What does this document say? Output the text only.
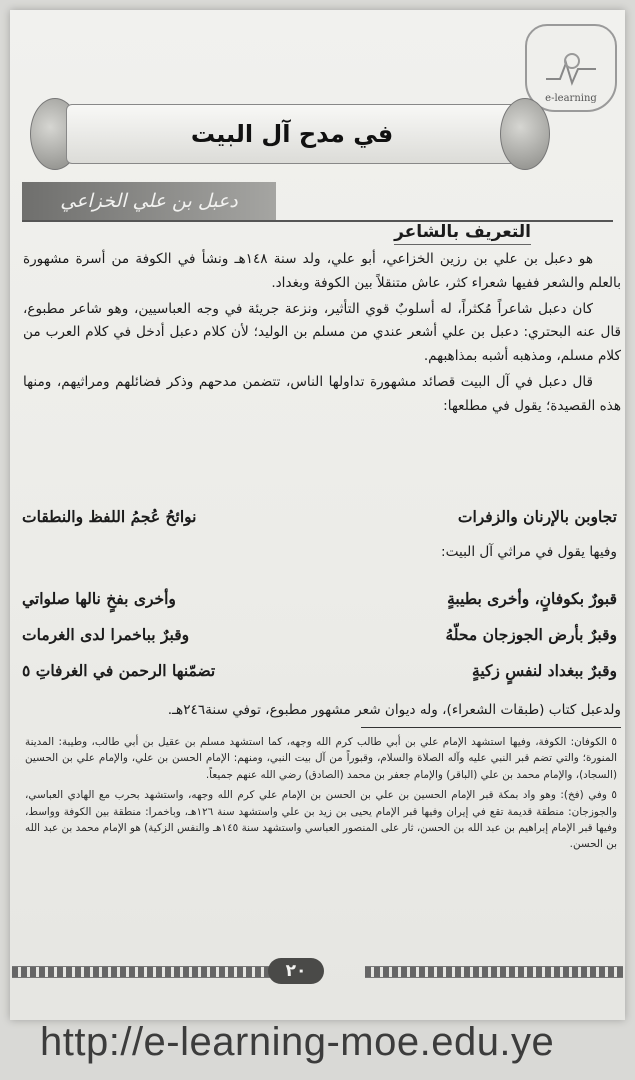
e-learning
في مدح آل البيت
دعبل بن علي الخزاعي
التعريف بالشاعر

هو دعبل بن علي بن رزين الخزاعي، أبو علي، ولد سنة ١٤٨هـ ونشأ في الكوفة من أسرة مشهورة بالعلم والشعر ففيها شعراء كثر، عاش متنقلاً بين الكوفة وبغداد.

كان دعبل شاعراً مُكثراً، له أسلوبٌ قوي التأثير، ونزعة جريئة في وجه العباسيين، وهو شاعر مطبوع، قال عنه البحتري: دعبل بن علي أشعر عندي من مسلم بن الوليد؛ لأن كلام دعبل أدخل في كلام العرب من كلام مسلم، ومذهبه أشبه بمذاهبهم.

قال دعبل في آل البيت قصائد مشهورة تداولها الناس، تتضمن مدحهم وذكر فضائلهم ومراثيهم، ومنها هذه القصيدة؛ يقول في مطلعها:

تجاوبن بالإرنان والزفرات
نوائحُ عُجمُ اللفظ والنطقات
وفيها يقول في مراثي آل البيت:
قبورٌ بكوفانٍ، وأخرى بطيبةٍ
وأخرى بفخٍ نالها صلواتي
وقبرٌ بأرض الجوزجان محلّهُ
وقبرٌ بباخمرا لدى الغرمات
وقبرٌ ببغداد لنفسٍ زكيةٍ
تضمّنها الرحمن في الغرفاتِ ٥
ولدعبل كتاب (طبقات الشعراء)، وله ديوان شعر مشهور مطبوع، توفي سنة٢٤٦هـ.

٥ الكوفان: الكوفة، وفيها استشهد الإمام علي بن أبي طالب كرم الله وجهه، كما استشهد مسلم بن عقيل بن أبي طالب، وطيبة: المدينة المنورة؛ والتي تضم قبر النبي عليه وآله الصلاة والسلام، وقبوراً من آل بيت النبي، ومنهم: الإمام الحسن بن علي، والإمام علي بن الحسين (السجاد)، والإمام محمد بن علي (الباقر) والإمام جعفر بن محمد (الصادق) رضي الله عنهم جميعاً.

٥ وفي (فخ): وهو واد بمكة قبر الإمام الحسين بن علي بن الحسن بن الإمام علي كرم الله وجهه، واستشهد بحرب مع الهادي العباسي، والجوزجان: منطقة قديمة تقع في إيران وفيها قبر الإمام يحيى بن زيد بن علي واستشهد سنة ١٢٦هـ، وباخمرا: منطقة بين الكوفة وواسط، وفيها قبر الإمام إبراهيم بن عبد الله بن الحسن، ثار على المنصور العباسي واستشهد سنة ١٤٥هـ والنفس الزكية) هو الإمام محمد بن عبد الله بن الحسن.

٢٠
http://e-learning-moe.edu.ye
